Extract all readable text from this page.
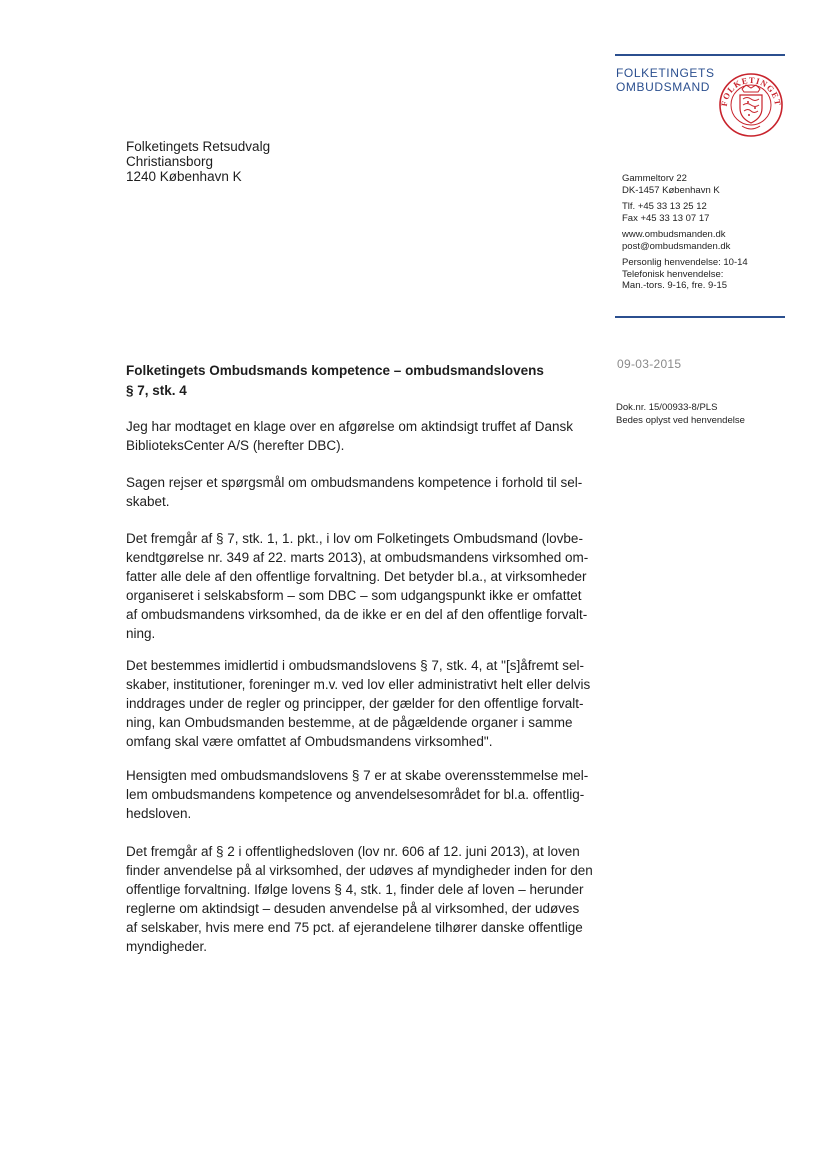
FOLKETINGETS
OMBUDSMAND
FOLKETINGET
Folketingets Retsudvalg
Christiansborg
1240 København K	Gammeltorv 22
DK-1457 København K
Tlf. +45 33 13 25 12
Fax +45 33 13 07 17
www.ombudsmanden.dk
post@ombudsmanden.dk
Personlig henvendelse: 10-14
Telefonisk henvendelse:
Man.-tors. 9-16, fre. 9-15
09-03-2015
Dok.nr. 15/00933-8/PLS
Bedes oplyst ved henvendelse
Folketingets Ombudsmands kompetence – ombudsmandslovens
§ 7, stk. 4
Jeg har modtaget en klage over en afgørelse om aktindsigt truffet af Dansk
BiblioteksCenter A/S (herefter DBC).
Sagen rejser et spørgsmål om ombudsmandens kompetence i forhold til sel-
skabet.
Det fremgår af § 7, stk. 1, 1. pkt., i lov om Folketingets Ombudsmand (lovbe-
kendtgørelse nr. 349 af 22. marts 2013), at ombudsmandens virksomhed om-
fatter alle dele af den offentlige forvaltning. Det betyder bl.a., at virksomheder
organiseret i selskabsform – som DBC – som udgangspunkt ikke er omfattet
af ombudsmandens virksomhed, da de ikke er en del af den offentlige forvalt-
ning.
Det bestemmes imidlertid i ombudsmandslovens § 7, stk. 4, at "[s]åfremt sel-
skaber, institutioner, foreninger m.v. ved lov eller administrativt helt eller delvis
inddrages under de regler og principper, der gælder for den offentlige forvalt-
ning, kan Ombudsmanden bestemme, at de pågældende organer i samme
omfang skal være omfattet af Ombudsmandens virksomhed".
Hensigten med ombudsmandslovens § 7 er at skabe overensstemmelse mel-
lem ombudsmandens kompetence og anvendelsesområdet for bl.a. offentlig-
hedsloven.
Det fremgår af § 2 i offentlighedsloven (lov nr. 606 af 12. juni 2013), at loven
finder anvendelse på al virksomhed, der udøves af myndigheder inden for den
offentlige forvaltning. Ifølge lovens § 4, stk. 1, finder dele af loven – herunder
reglerne om aktindsigt – desuden anvendelse på al virksomhed, der udøves
af selskaber, hvis mere end 75 pct. af ejerandelene tilhører danske offentlige
myndigheder.
